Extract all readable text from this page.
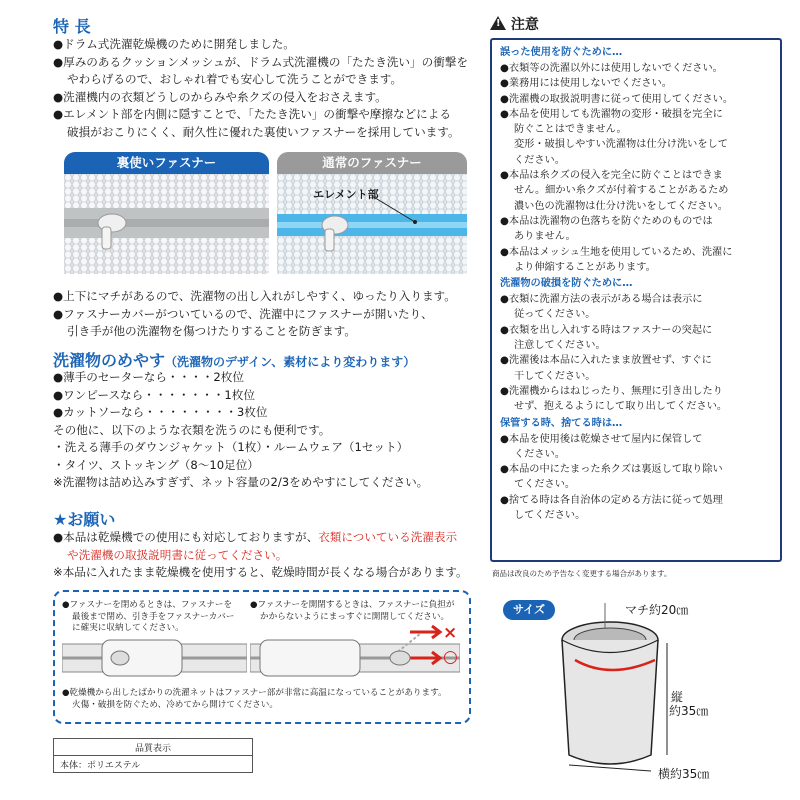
特 長
●ドラム式洗濯乾燥機のために開発しました。
●厚みのあるクッションメッシュが、ドラム式洗濯機の「たたき洗い」の衝撃を
やわらげるので、おしゃれ着でも安心して洗うことができます。
●洗濯機内の衣類どうしのからみや糸クズの侵入をおさえます。
●エレメント部を内側に隠すことで、「たたき洗い」の衝撃や摩擦などによる
破損がおこりにくく、耐久性に優れた裏使いファスナーを採用しています。
裏使いファスナー	通常のファスナー
エレメント部
●上下にマチがあるので、洗濯物の出し入れがしやすく、ゆったり入ります。
●ファスナーカバーがついているので、洗濯中にファスナーが開いたり、
引き手が他の洗濯物を傷つけたりすることを防ぎます。
洗濯物のめやす（洗濯物のデザイン、素材により変わります）
●薄手のセーターなら・・・・2枚位
●ワンピースなら・・・・・・・1枚位
●カットソーなら・・・・・・・・3枚位
その他に、以下のような衣類を洗うのにも便利です。
・洗える薄手のダウンジャケット（1枚）・ルームウェア（1セット）
・タイツ、ストッキング（8〜10足位）
※洗濯物は詰め込みすぎず、ネット容量の2/3をめやすにしてください。
★お願い
●本品は乾燥機での使用にも対応しておりますが、衣類についている洗濯表示
や洗濯機の取扱説明書に従ってください。
※本品に入れたまま乾燥機を使用すると、乾燥時間が長くなる場合があります。
●ファスナーを閉めるときは、ファスナーを
最後まで閉め、引き手をファスナーカバー
に確実に収納してください。
●ファスナーを開閉するときは、ファスナーに負担が
かからないようにまっすぐに開閉してください。
×
○
●乾燥機から出したばかりの洗濯ネットはファスナー部が非常に高温になっていることがあります。
火傷・破損を防ぐため、冷めてから開けてください。
品質表示
本体：ポリエステル
! 注意
誤った使用を防ぐために…
●衣類等の洗濯以外には使用しないでください。
●業務用には使用しないでください。
●洗濯機の取扱説明書に従って使用してください。
●本品を使用しても洗濯物の変形・破損を完全に
防ぐことはできません。
変形・破損しやすい洗濯物は仕分け洗いをして
ください。
●本品は糸クズの侵入を完全に防ぐことはできま
せん。細かい糸クズが付着することがあるため
濃い色の洗濯物は仕分け洗いをしてください。
●本品は洗濯物の色落ちを防ぐためのものでは
ありません。
●本品はメッシュ生地を使用しているため、洗濯に
より伸縮することがあります。
洗濯物の破損を防ぐために…
●衣類に洗濯方法の表示がある場合は表示に
従ってください。
●衣類を出し入れする時はファスナーの突起に
注意してください。
●洗濯後は本品に入れたまま放置せず、すぐに
干してください。
●洗濯機からはねじったり、無理に引き出したり
せず、抱えるようにして取り出してください。
保管する時、捨てる時は…
●本品を使用後は乾燥させて屋内に保管して
ください。
●本品の中にたまった糸クズは裏返して取り除い
てください。
●捨てる時は各自治体の定める方法に従って処理
してください。
商品は改良のため予告なく変更する場合があります。
サイズ	マチ約20㎝
縦
約35㎝
横約35㎝
